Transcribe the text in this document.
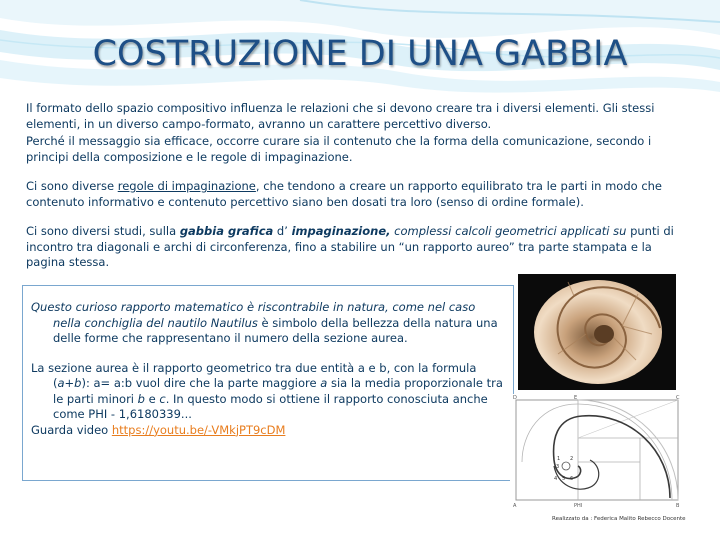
COSTRUZIONE DI UNA GABBIA

Il formato dello spazio compositivo influenza le relazioni che si devono creare tra i diversi elementi. Gli stessi elementi, in un diverso campo-formato, avranno un carattere percettivo diverso.

Perché il messaggio sia efficace, occorre curare sia il contenuto che la forma della comunicazione, secondo i principi della composizione e le regole di impaginazione.

Ci sono diverse regole di impaginazione, che tendono a creare un rapporto equilibrato tra le parti in modo che contenuto informativo e contenuto percettivo siano ben dosati tra loro (senso di ordine formale).

Ci sono diversi studi, sulla gabbia grafica d’ impaginazione, complessi calcoli geometrici applicati su punti di incontro tra diagonali e archi di circonferenza, fino a stabilire un “un rapporto aureo” tra parte stampata e la pagina stessa.

Questo curioso rapporto matematico è riscontrabile in natura, come nel caso nella conchiglia del nautilo Nautilus è simbolo della bellezza della natura una delle forme che rappresentano il numero della sezione aurea.

La sezione aurea è il rapporto geometrico tra due entità a e b, con la formula (a+b): a= a:b vuol dire che la parte maggiore a sia la media proporzionale tra le parti minori b e c. In questo modo si ottiene il rapporto conosciuta anche come PHI - 1,6180339...

Guarda video https://youtu.be/-VMkjPT9cDM

D	E	C
A	PHI	B
1 2
3
4 5 6
Realizzato da : Federica Malito Rebecco Docente
